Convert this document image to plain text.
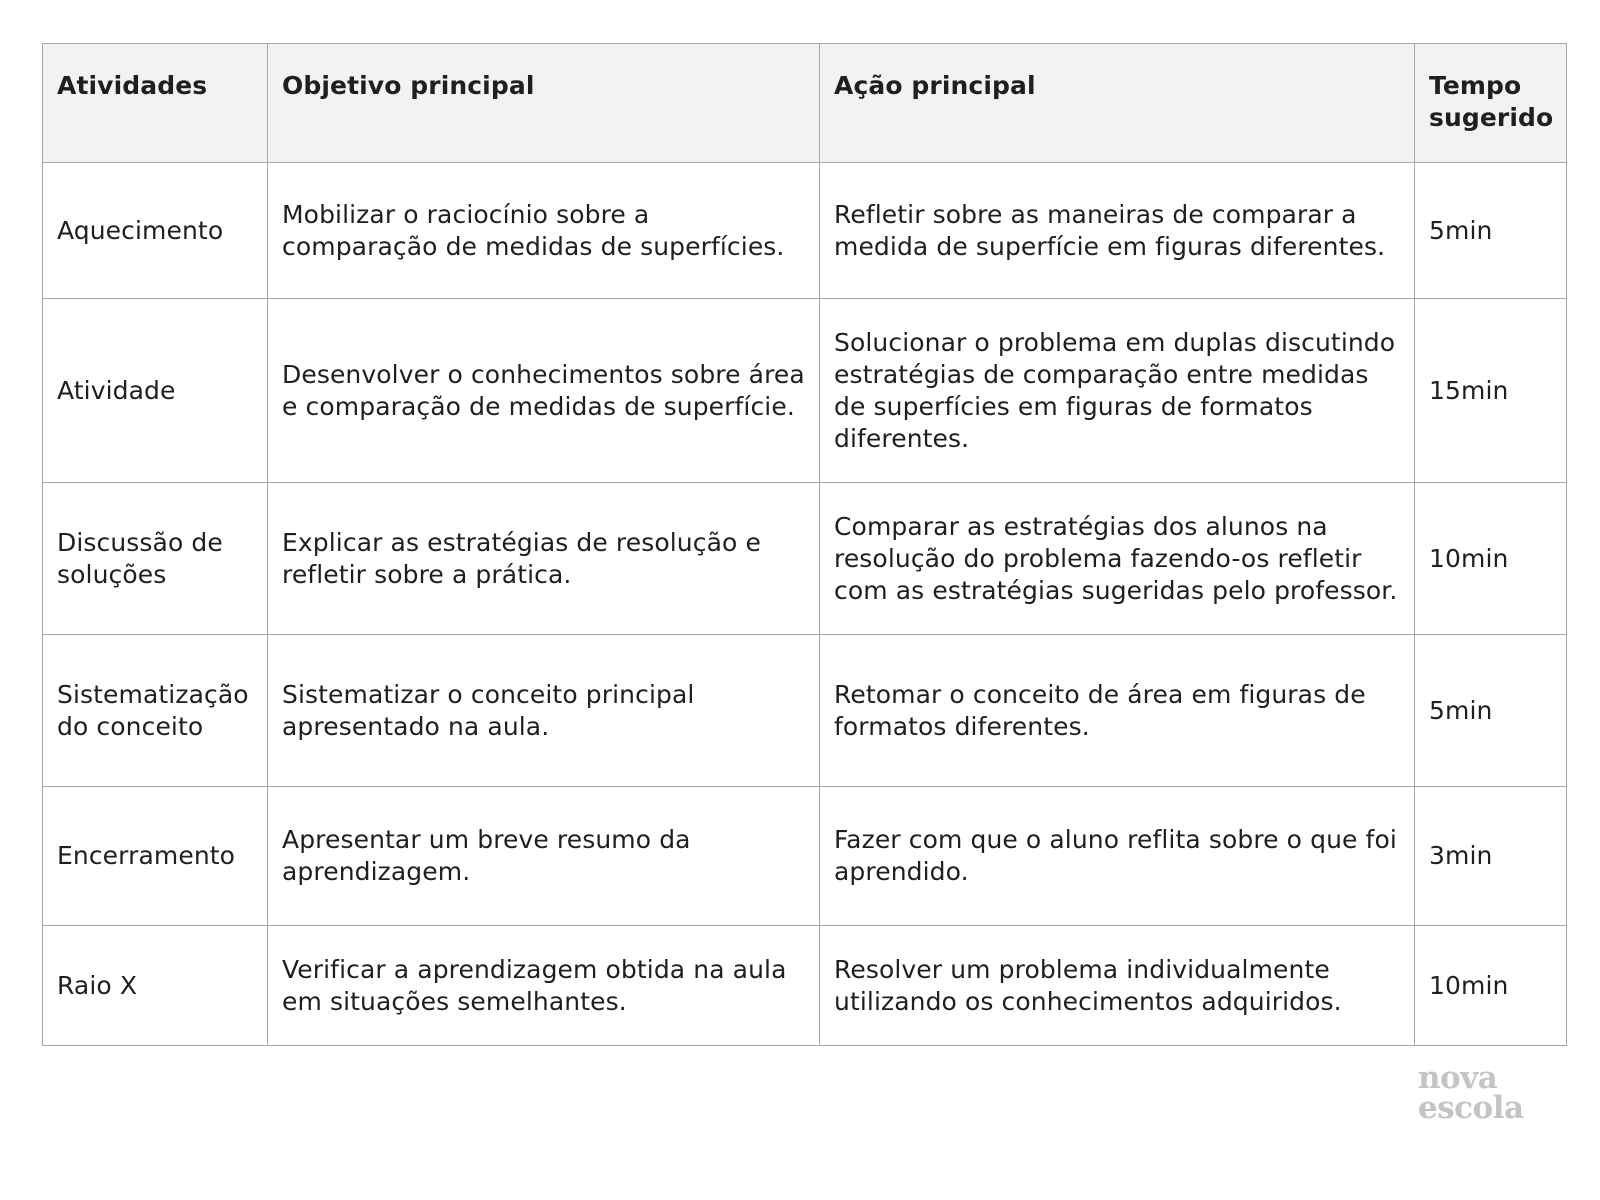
Atividades	Objetivo principal	Ação principal	Tempo sugerido
Aquecimento	Mobilizar o raciocínio sobre a comparação de medidas de superfícies.	Refletir sobre as maneiras de comparar a medida de superfície em figuras diferentes.	5min
Atividade	Desenvolver o conhecimentos sobre área e comparação de medidas de superfície.	Solucionar o problema em duplas discutindo estratégias de comparação entre medidas de superfícies em figuras de formatos diferentes.	15min
Discussão de soluções	Explicar as estratégias de resolução e refletir sobre a prática.	Comparar as estratégias dos alunos na resolução do problema fazendo-os refletir com as estratégias sugeridas pelo professor.	10min
Sistematização do conceito	Sistematizar o conceito principal apresentado na aula.	Retomar o conceito de área em figuras de formatos diferentes.	5min
Encerramento	Apresentar um breve resumo da aprendizagem.	Fazer com que o aluno reflita sobre o que foi aprendido.	3min
Raio X	Verificar a aprendizagem obtida na aula em situações semelhantes.	Resolver um problema individualmente utilizando os conhecimentos adquiridos.	10min
nova
escola
